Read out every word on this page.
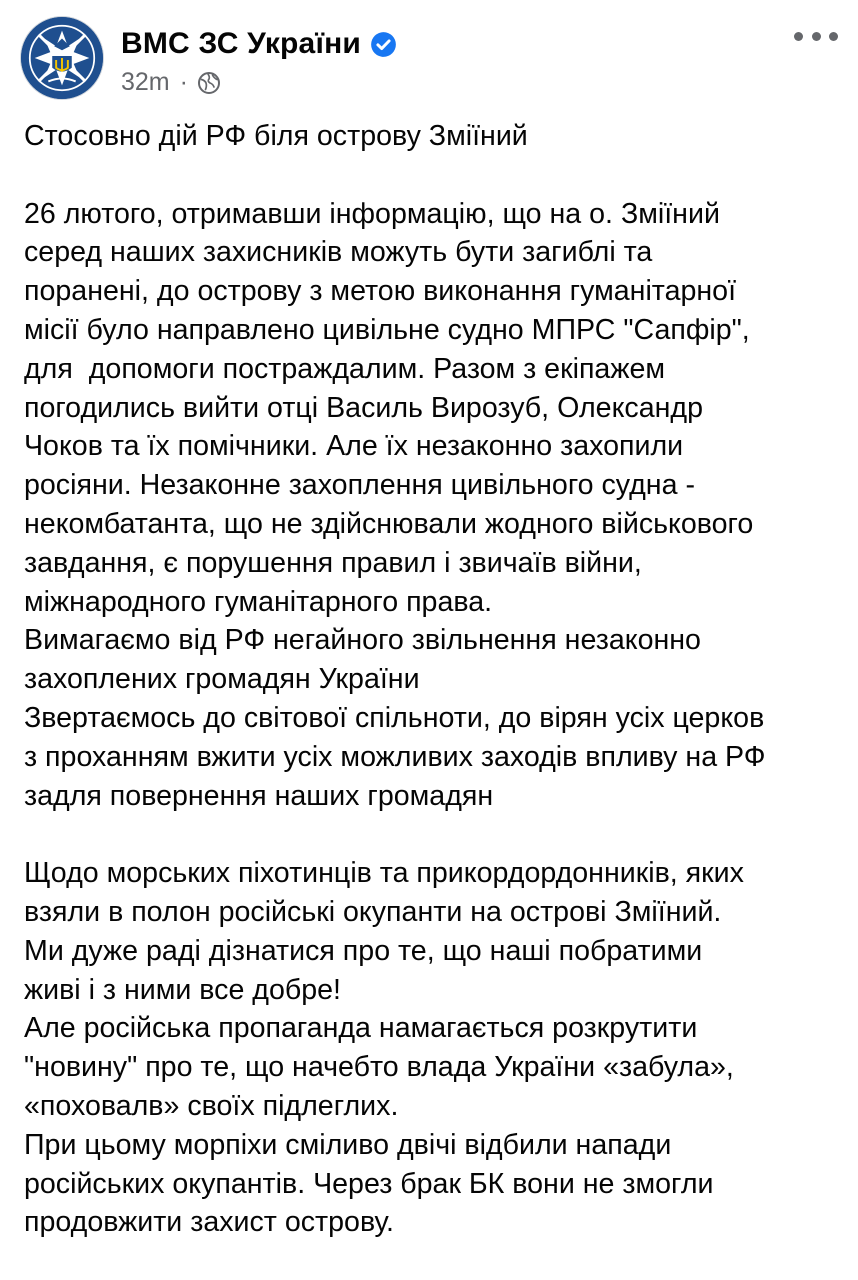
ВМС ЗС України
32m ·
Стосовно дій РФ біля острову Зміїний
26 лютого, отримавши інформацію, що на о. Зміїний
серед наших захисників можуть бути загиблі та
поранені, до острову з метою виконання гуманітарної
місії було направлено цивільне судно МПРС "Сапфір",
для  допомоги постраждалим. Разом з екіпажем
погодились вийти отці Василь Вирозуб, Олександр
Чоков та їх помічники. Але їх незаконно захопили
росіяни. Незаконне захоплення цивільного судна -
некомбатанта, що не здійснювали жодного військового
завдання, є порушення правил і звичаїв війни,
міжнародного гуманітарного права.
Вимагаємо від РФ негайного звільнення незаконно
захоплених громадян України
Звертаємось до світової спільноти, до вірян усіх церков
з проханням вжити усіх можливих заходів впливу на РФ
задля повернення наших громадян
Щодо морських піхотинців та прикордордонників, яких
взяли в полон російські окупанти на острові Зміїний.
Ми дуже раді дізнатися про те, що наші побратими
живі і з ними все добре!
Але російська пропаганда намагається розкрутити
"новину" про те, що начебто влада України «забула»,
«поховалв» своїх підлеглих.
При цьому морпіхи сміливо двічі відбили напади
російських окупантів. Через брак БК вони не змогли
продовжити захист острову.
